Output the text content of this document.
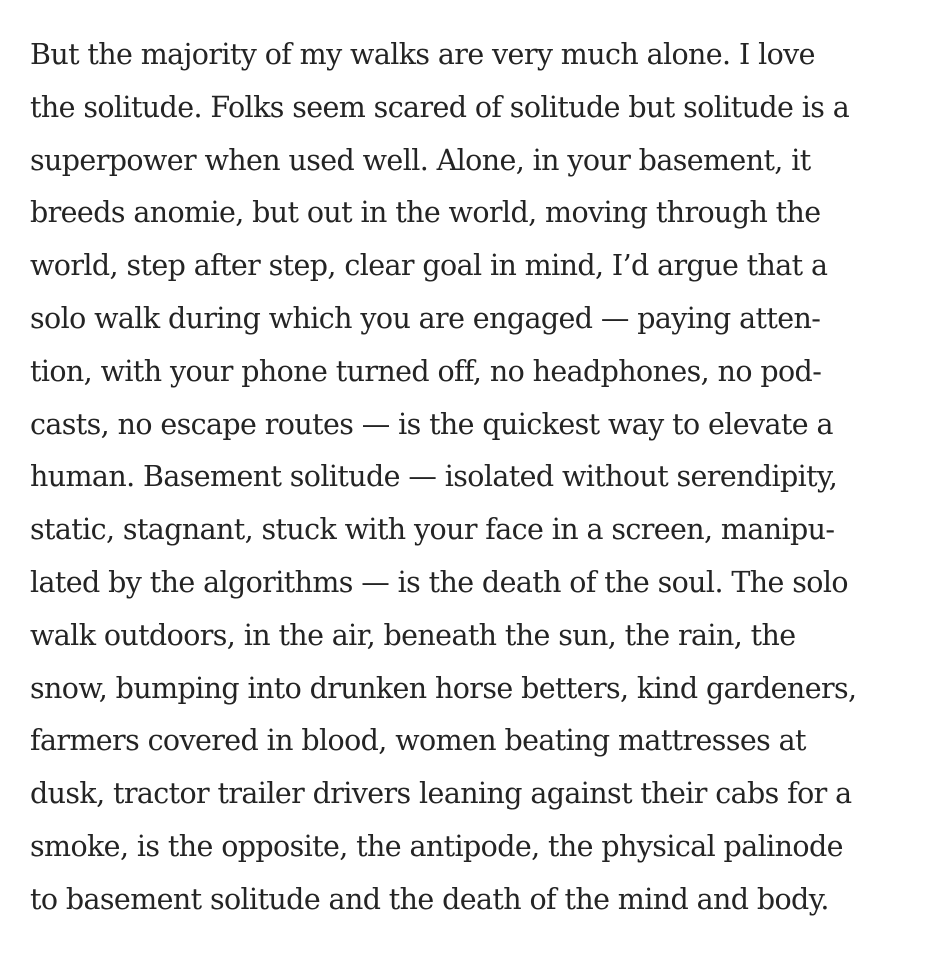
But the majority of my walks are very much alone. I love
the solitude. Folks seem scared of solitude but solitude is a
superpower when used well. Alone, in your basement, it
breeds anomie, but out in the world, moving through the
world, step after step, clear goal in mind, I’d argue that a
solo walk during which you are engaged — paying atten-
tion, with your phone turned off, no headphones, no pod-
casts, no escape routes — is the quickest way to elevate a
human. Basement solitude — isolated without serendipity,
static, stagnant, stuck with your face in a screen, manipu-
lated by the algorithms — is the death of the soul. The solo
walk outdoors, in the air, beneath the sun, the rain, the
snow, bumping into drunken horse betters, kind gardeners,
farmers covered in blood, women beating mattresses at
dusk, tractor trailer drivers leaning against their cabs for a
smoke, is the opposite, the antipode, the physical palinode
to basement solitude and the death of the mind and body.
